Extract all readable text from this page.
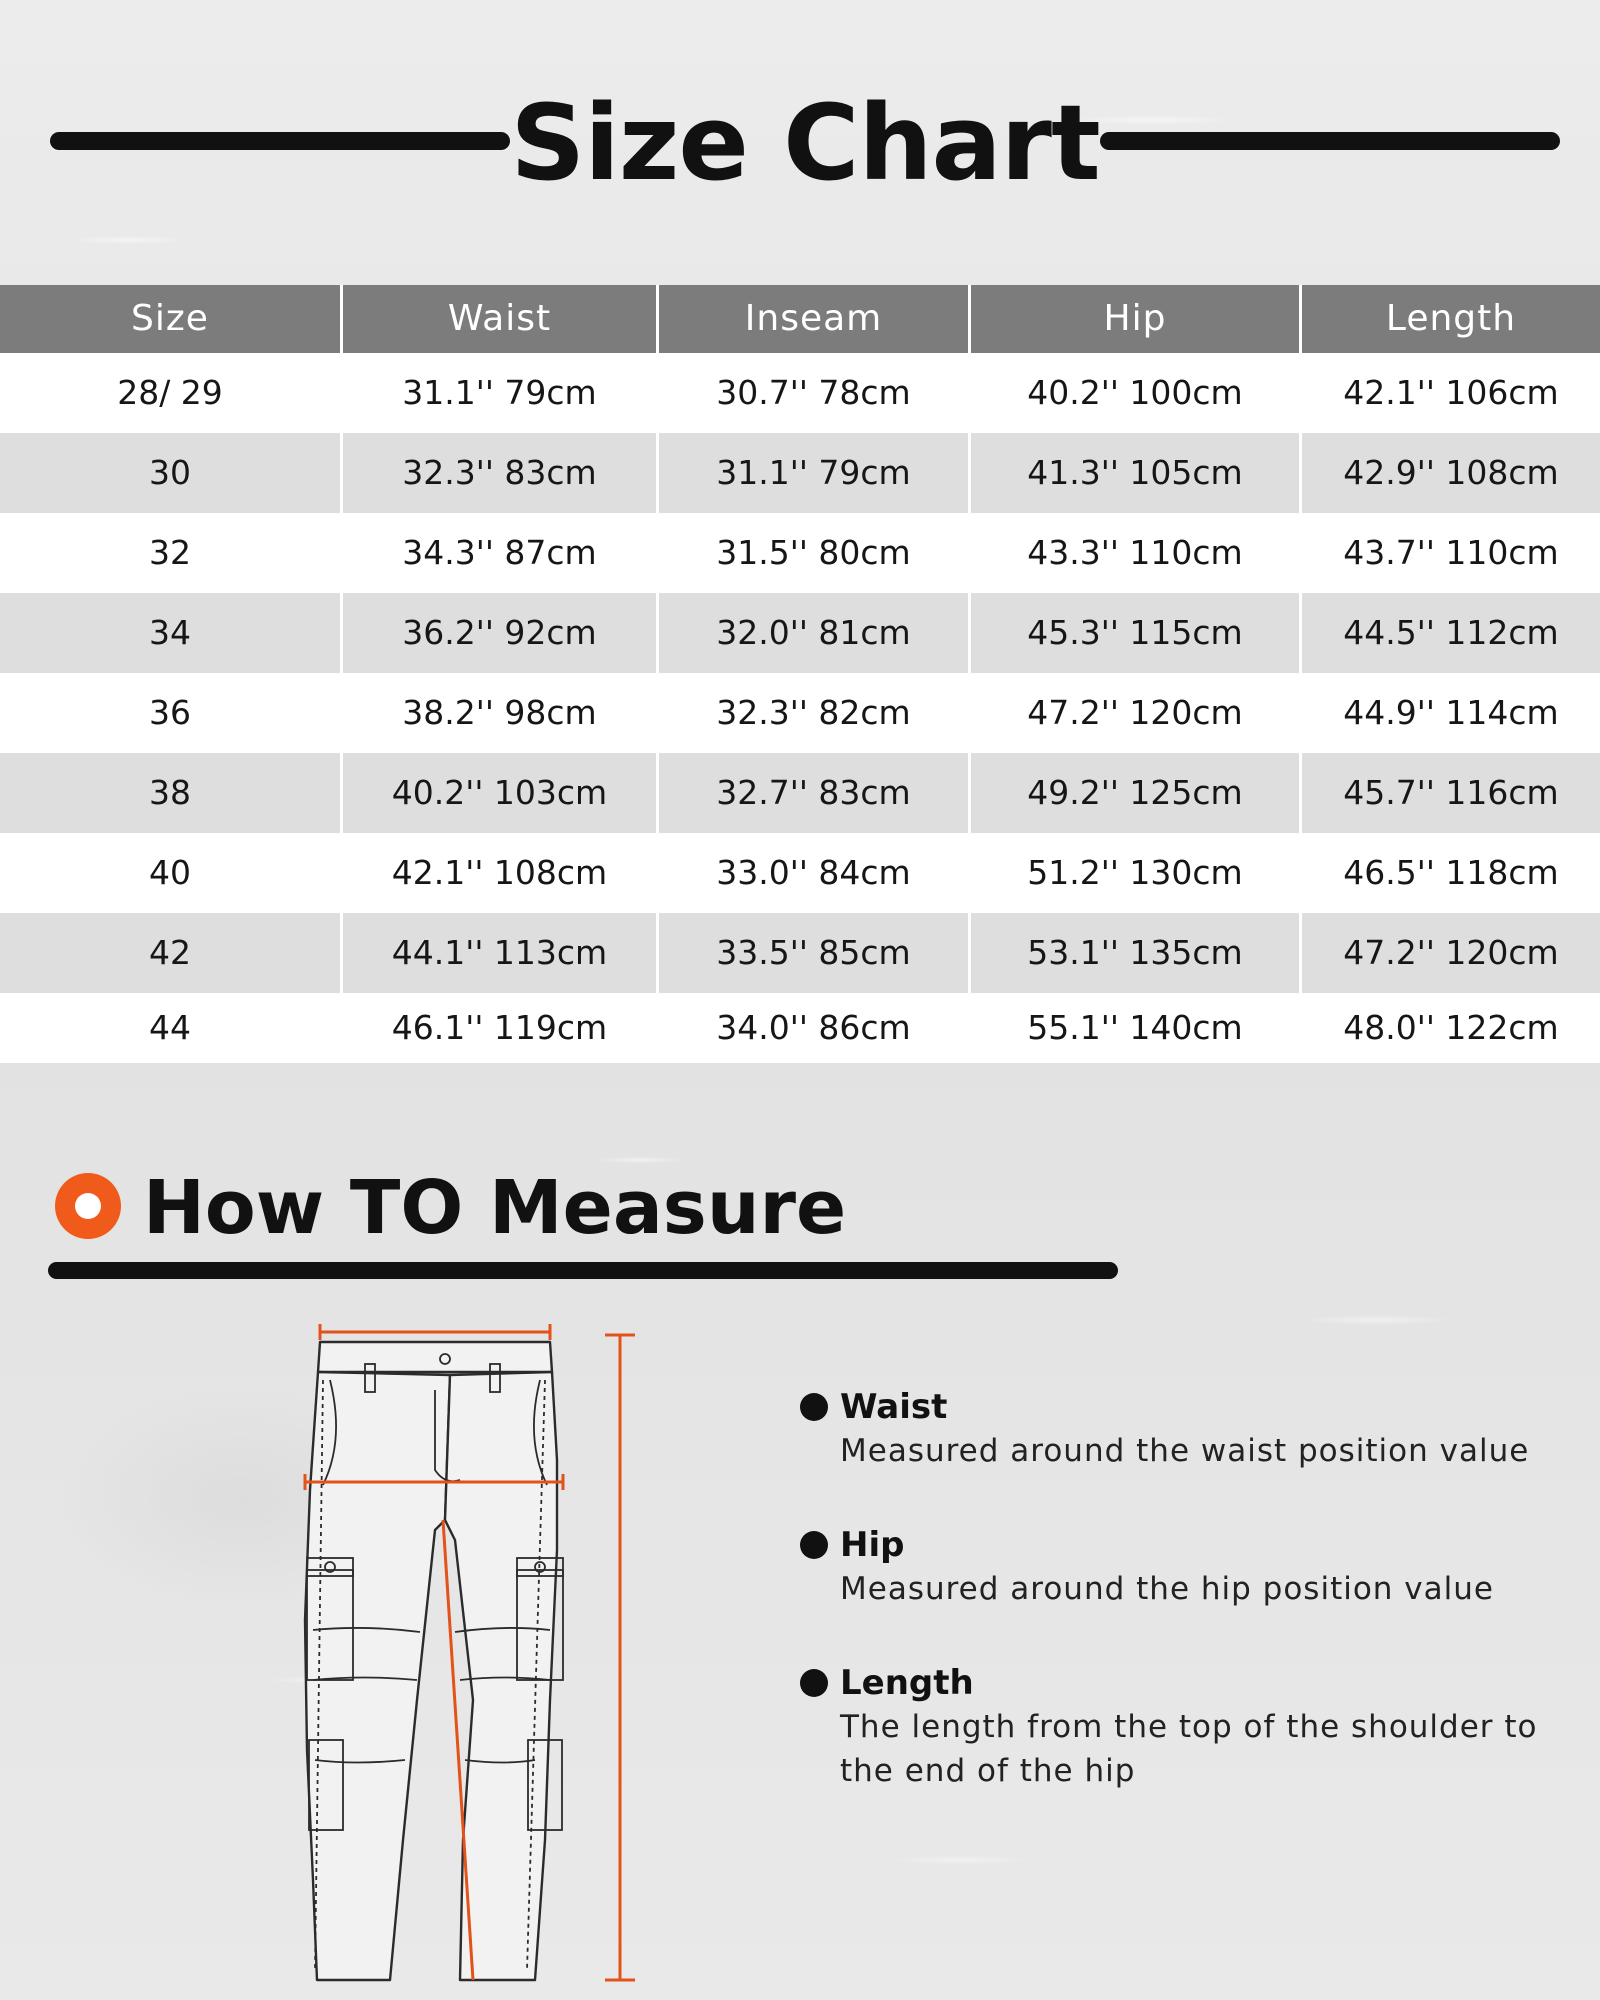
Size Chart
Size	Waist	Inseam	Hip	Length
28/ 29	31.1'' 79cm	30.7'' 78cm	40.2'' 100cm	42.1'' 106cm
30	32.3'' 83cm	31.1'' 79cm	41.3'' 105cm	42.9'' 108cm
32	34.3'' 87cm	31.5'' 80cm	43.3'' 110cm	43.7'' 110cm
34	36.2'' 92cm	32.0'' 81cm	45.3'' 115cm	44.5'' 112cm
36	38.2'' 98cm	32.3'' 82cm	47.2'' 120cm	44.9'' 114cm
38	40.2'' 103cm	32.7'' 83cm	49.2'' 125cm	45.7'' 116cm
40	42.1'' 108cm	33.0'' 84cm	51.2'' 130cm	46.5'' 118cm
42	44.1'' 113cm	33.5'' 85cm	53.1'' 135cm	47.2'' 120cm
44	46.1'' 119cm	34.0'' 86cm	55.1'' 140cm	48.0'' 122cm
How TO Measure
Waist
Measured around the waist position value
Hip
Measured around the hip position value
Length
The length from the top of the shoulder to the end of the hip
